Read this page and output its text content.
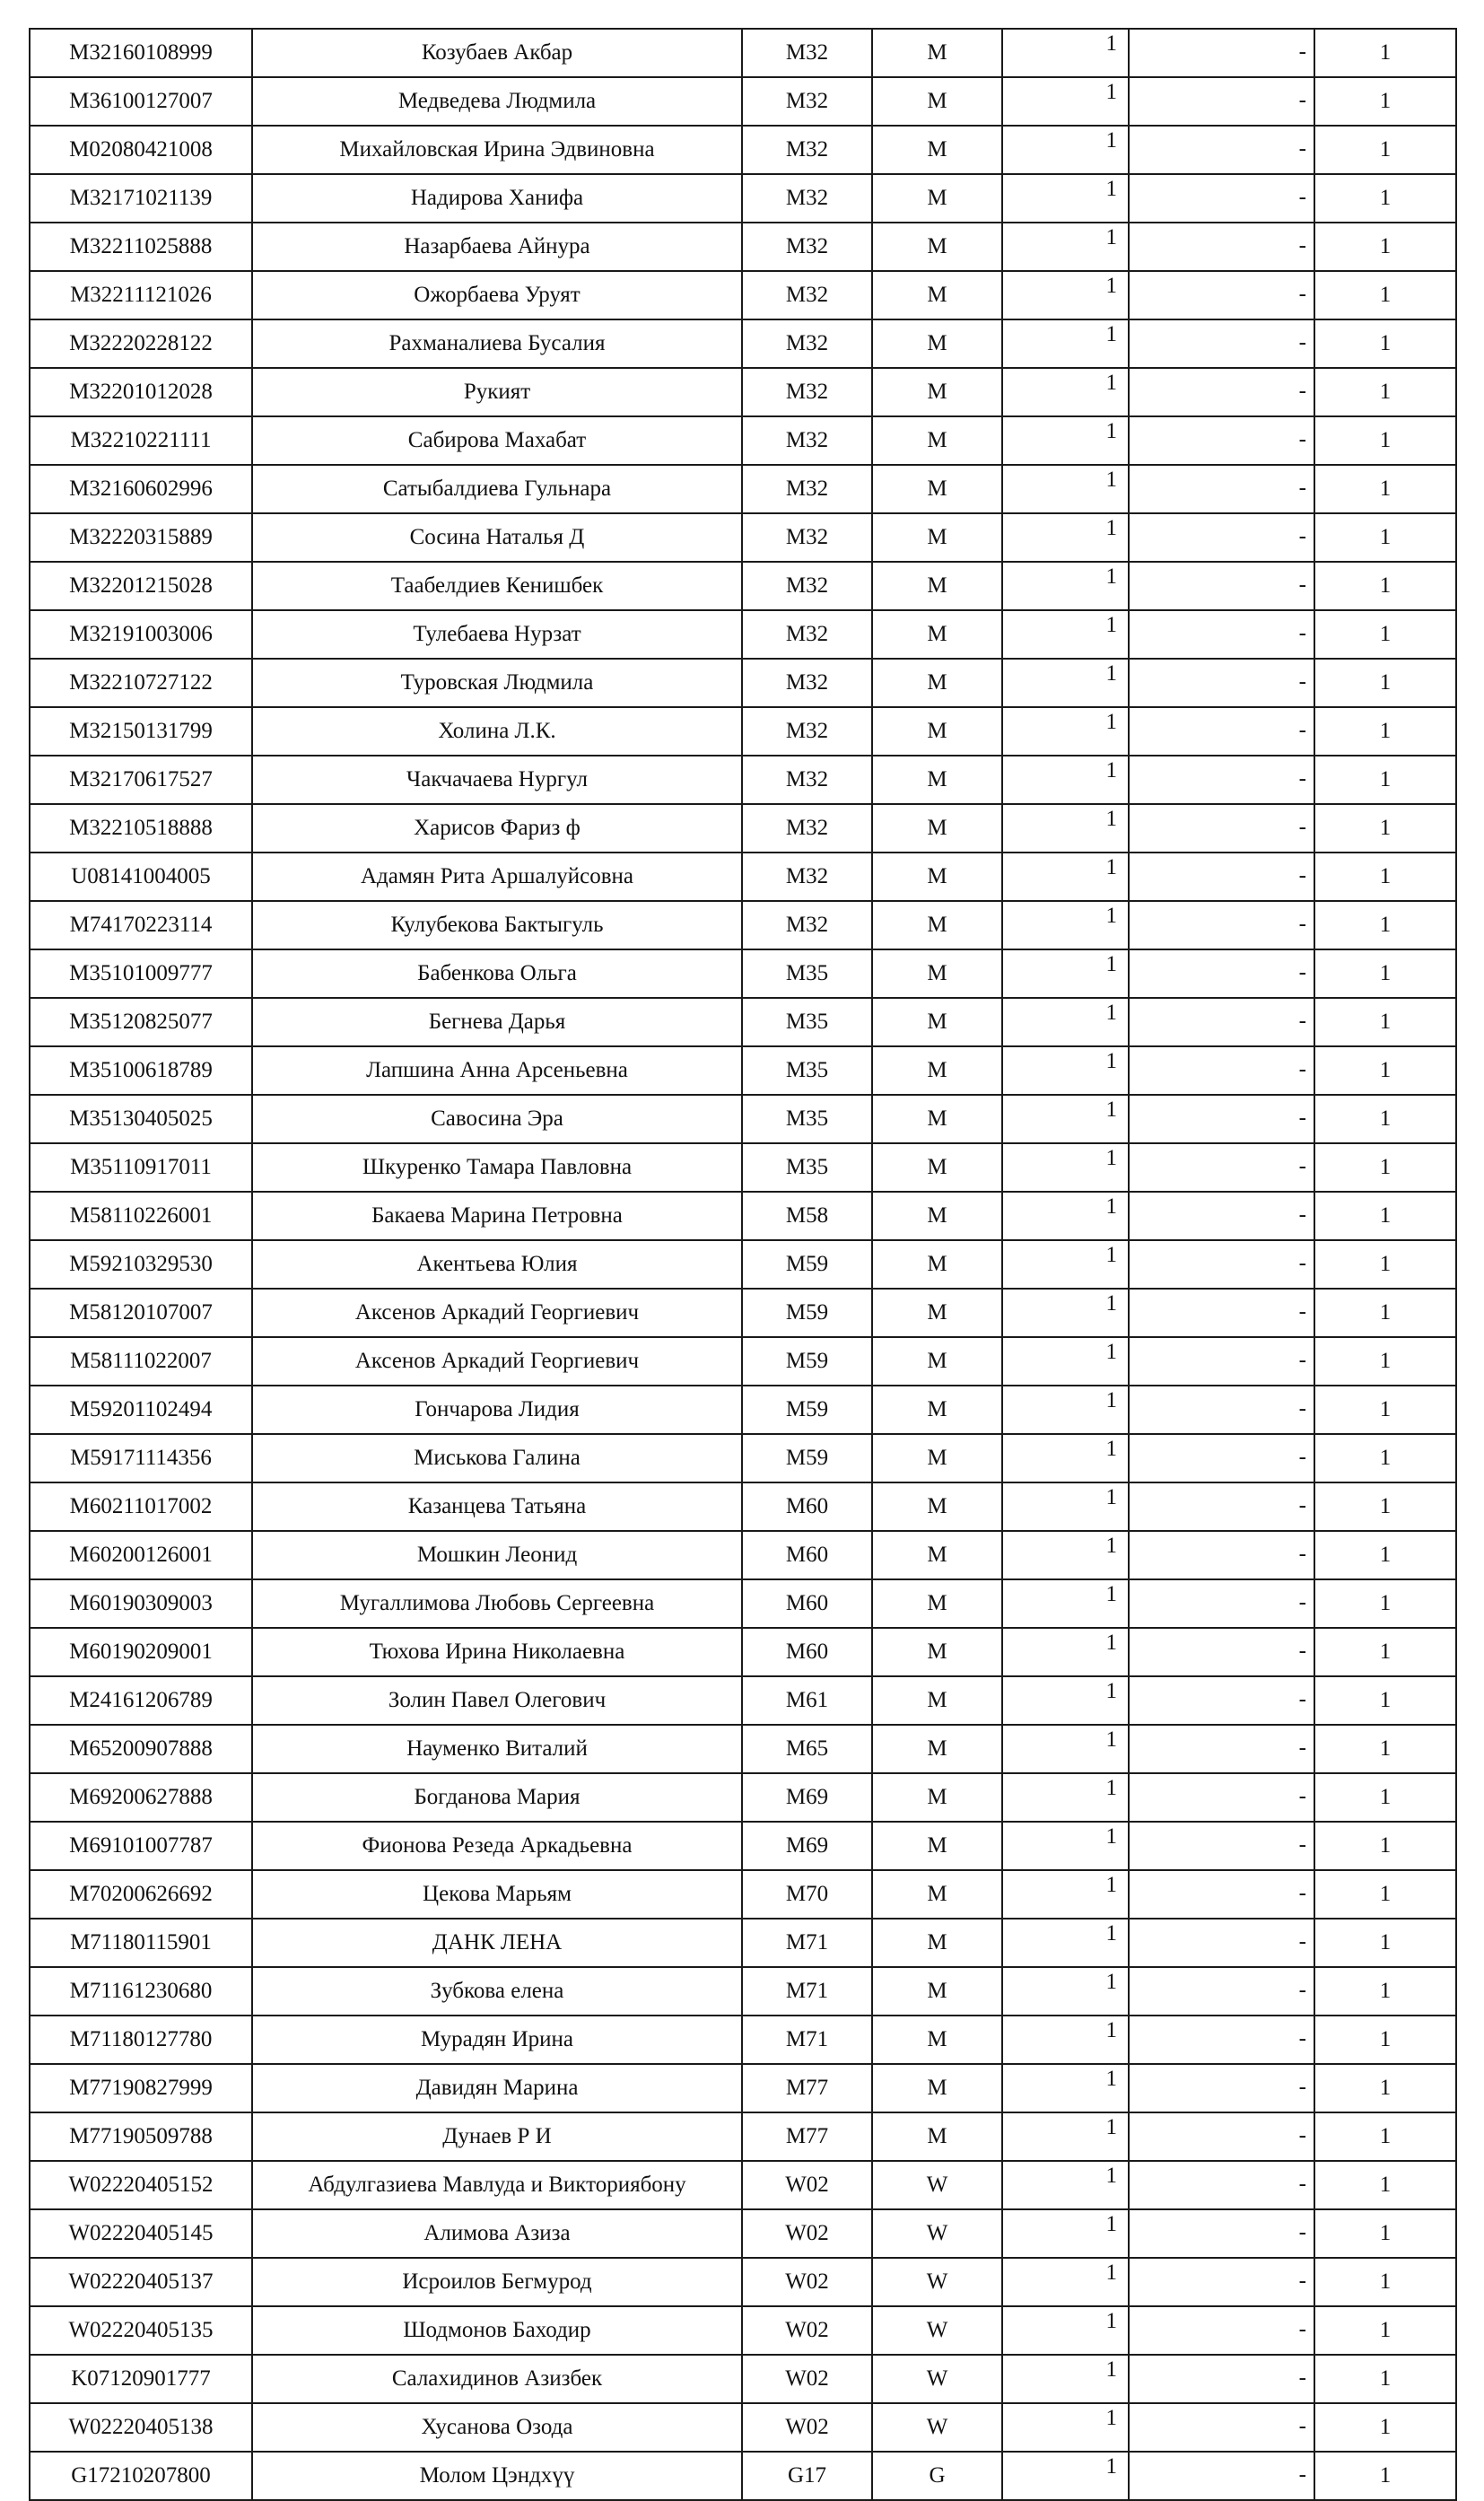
M32160108999	Козубаев Акбар	M32	M	1	-	1
M36100127007	Медведева Людмила	M32	M	1	-	1
M02080421008	Михайловская Ирина Эдвиновна	M32	M	1	-	1
M32171021139	Надирова Ханифа	M32	M	1	-	1
M32211025888	Назарбаева Айнура	M32	M	1	-	1
M32211121026	Ожорбаева Уруят	M32	M	1	-	1
M32220228122	Рахманалиева Бусалия	M32	M	1	-	1
M32201012028	Рукият	M32	M	1	-	1
M32210221111	Сабирова Махабат	M32	M	1	-	1
M32160602996	Сатыбалдиева Гульнара	M32	M	1	-	1
M32220315889	Сосина Наталья Д	M32	M	1	-	1
M32201215028	Таабелдиев Кенишбек	M32	M	1	-	1
M32191003006	Тулебаева Нурзат	M32	M	1	-	1
M32210727122	Туровская Людмила	M32	M	1	-	1
M32150131799	Холина Л.К.	M32	M	1	-	1
M32170617527	Чакчачаева Нургул	M32	M	1	-	1
M32210518888	Харисов Фариз ф	M32	M	1	-	1
U08141004005	Адамян Рита Аршалуйсовна	M32	M	1	-	1
M74170223114	Кулубекова Бактыгуль	M32	M	1	-	1
M35101009777	Бабенкова Ольга	M35	M	1	-	1
M35120825077	Бегнева Дарья	M35	M	1	-	1
M35100618789	Лапшина Анна Арсеньевна	M35	M	1	-	1
M35130405025	Савосина Эра	M35	M	1	-	1
M35110917011	Шкуренко Тамара Павловна	M35	M	1	-	1
M58110226001	Бакаева Марина Петровна	M58	M	1	-	1
M59210329530	Акентьева Юлия	M59	M	1	-	1
M58120107007	Аксенов Аркадий Георгиевич	M59	M	1	-	1
M58111022007	Аксенов Аркадий Георгиевич	M59	M	1	-	1
M59201102494	Гончарова Лидия	M59	M	1	-	1
M59171114356	Миськова Галина	M59	M	1	-	1
M60211017002	Казанцева Татьяна	M60	M	1	-	1
M60200126001	Мошкин Леонид	M60	M	1	-	1
M60190309003	Мугаллимова Любовь Сергеевна	M60	M	1	-	1
M60190209001	Тюхова Ирина Николаевна	M60	M	1	-	1
M24161206789	Золин Павел Олегович	M61	M	1	-	1
M65200907888	Науменко Виталий	M65	M	1	-	1
M69200627888	Богданова Мария	M69	M	1	-	1
M69101007787	Фионова Резеда Аркадьевна	M69	M	1	-	1
M70200626692	Цекова Марьям	M70	M	1	-	1
M71180115901	ДАНК ЛЕНА	M71	M	1	-	1
M71161230680	Зубкова елена	M71	M	1	-	1
M71180127780	Мурадян Ирина	M71	M	1	-	1
M77190827999	Давидян Марина	M77	M	1	-	1
M77190509788	Дунаев Р И	M77	M	1	-	1
W02220405152	Абдулгазиева Мавлуда и Викториябону	W02	W	1	-	1
W02220405145	Алимова Азиза	W02	W	1	-	1
W02220405137	Исроилов Бегмурод	W02	W	1	-	1
W02220405135	Шодмонов Баходир	W02	W	1	-	1
K07120901777	Салахидинов Азизбек	W02	W	1	-	1
W02220405138	Хусанова Озода	W02	W	1	-	1
G17210207800	Молом Цэндхүү	G17	G	1	-	1
